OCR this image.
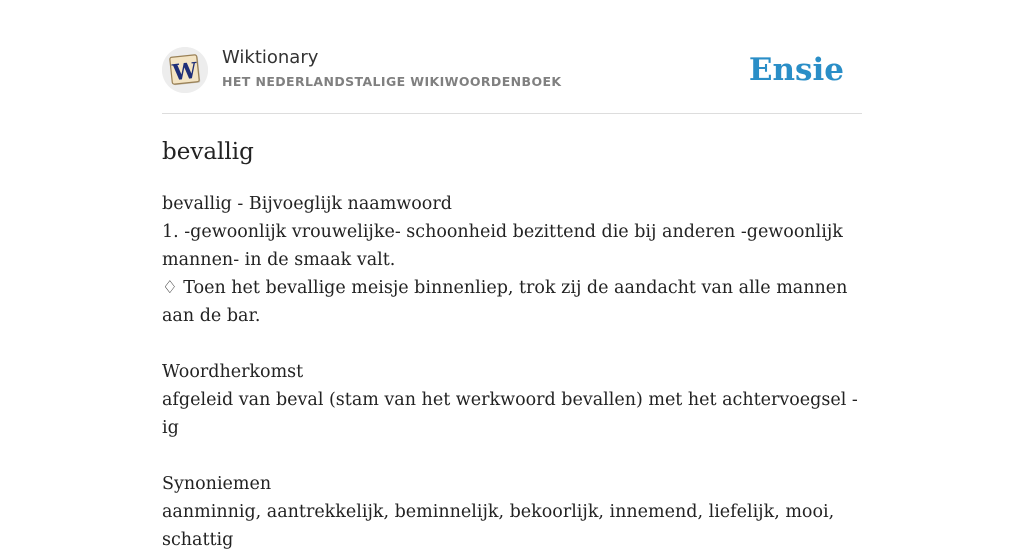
W
Wiktionary
HET NEDERLANDSTALIGE WIKIWOORDENBOEK	Ensie
bevallig

bevallig - Bijvoeglijk naamwoord

1. -gewoonlijk vrouwelijke- schoonheid bezittend die bij anderen -gewoonlijk mannen- in de smaak valt.

♢ Toen het bevallige meisje binnenliep, trok zij de aandacht van alle mannen aan de bar.

Woordherkomst

afgeleid van beval (stam van het werkwoord bevallen) met het achtervoegsel -ig

Synoniemen

aanminnig, aantrekkelijk, beminnelijk, bekoorlijk, innemend, liefelijk, mooi, schattig
